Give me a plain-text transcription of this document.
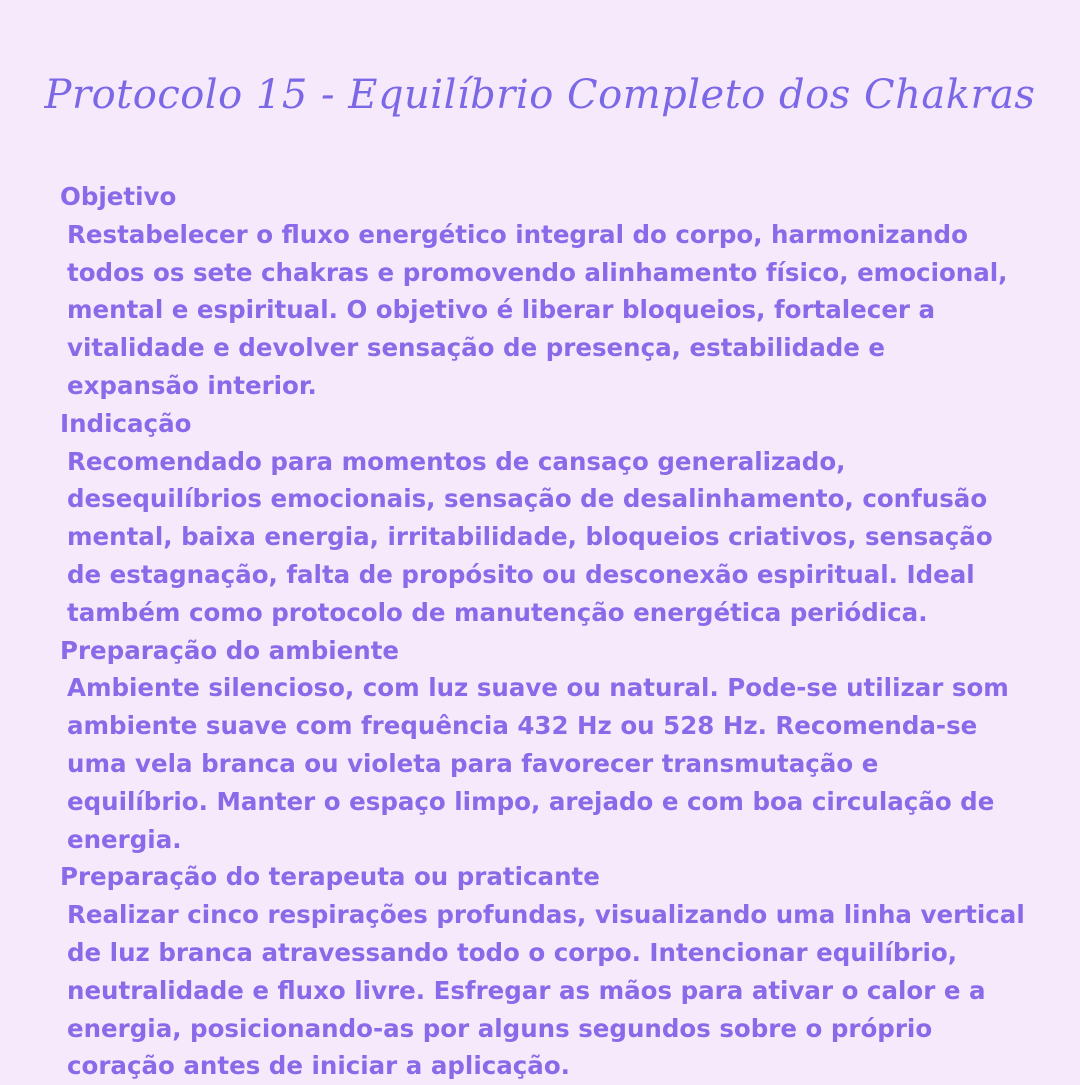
Protocolo 15 - Equilíbrio Completo dos Chakras
Objetivo
Restabelecer o fluxo energético integral do corpo, harmonizando todos os sete chakras e promovendo alinhamento físico, emocional, mental e espiritual. O objetivo é liberar bloqueios, fortalecer a vitalidade e devolver sensação de presença, estabilidade e expansão interior.
Indicação
Recomendado para momentos de cansaço generalizado, desequilíbrios emocionais, sensação de desalinhamento, confusão mental, baixa energia, irritabilidade, bloqueios criativos, sensação de estagnação, falta de propósito ou desconexão espiritual. Ideal também como protocolo de manutenção energética periódica.
Preparação do ambiente
Ambiente silencioso, com luz suave ou natural. Pode-se utilizar som ambiente suave com frequência 432 Hz ou 528 Hz. Recomenda-se uma vela branca ou violeta para favorecer transmutação e equilíbrio. Manter o espaço limpo, arejado e com boa circulação de energia.
Preparação do terapeuta ou praticante
Realizar cinco respirações profundas, visualizando uma linha vertical de luz branca atravessando todo o corpo. Intencionar equilíbrio, neutralidade e fluxo livre. Esfregar as mãos para ativar o calor e a energia, posicionando-as por alguns segundos sobre o próprio coração antes de iniciar a aplicação.
